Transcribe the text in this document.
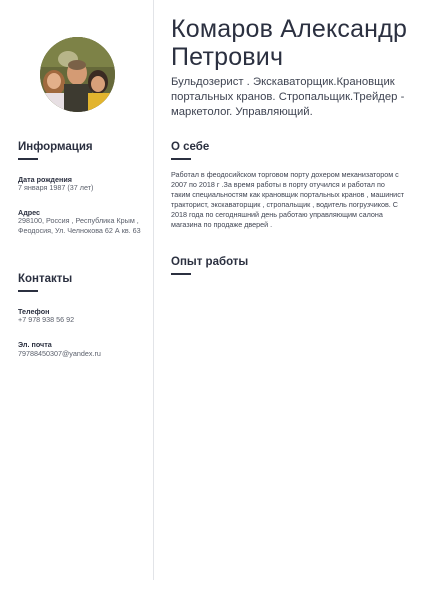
Информация
Дата рождения
7 января 1987 (37 лет)
Адрес
298100, Россия , Республика Крым , Феодосия, Ул. Челнокова 62 А кв. 63
Контакты
Телефон
+7 978 938 56 92
Эл. почта
79788450307@yandex.ru
Комаров Александр Петрович
Бульдозерист . Экскаваторщик.Крановщик портальных кранов. Стропальщик.Трейдер - маркетолог. Управляющий.
О себе
Работал в феодосийском торговом порту дохером механизатором с 2007 по 2018 г .За время работы в порту отучился и работал по таким специальностям как крановщик портальных кранов , машинист тракторист, экскаваторщик , стропальщик , водитель погрузчиков. С 2018 года по сегодняшний день работаю управляющим салона магазина по продаже дверей .
Опыт работы
